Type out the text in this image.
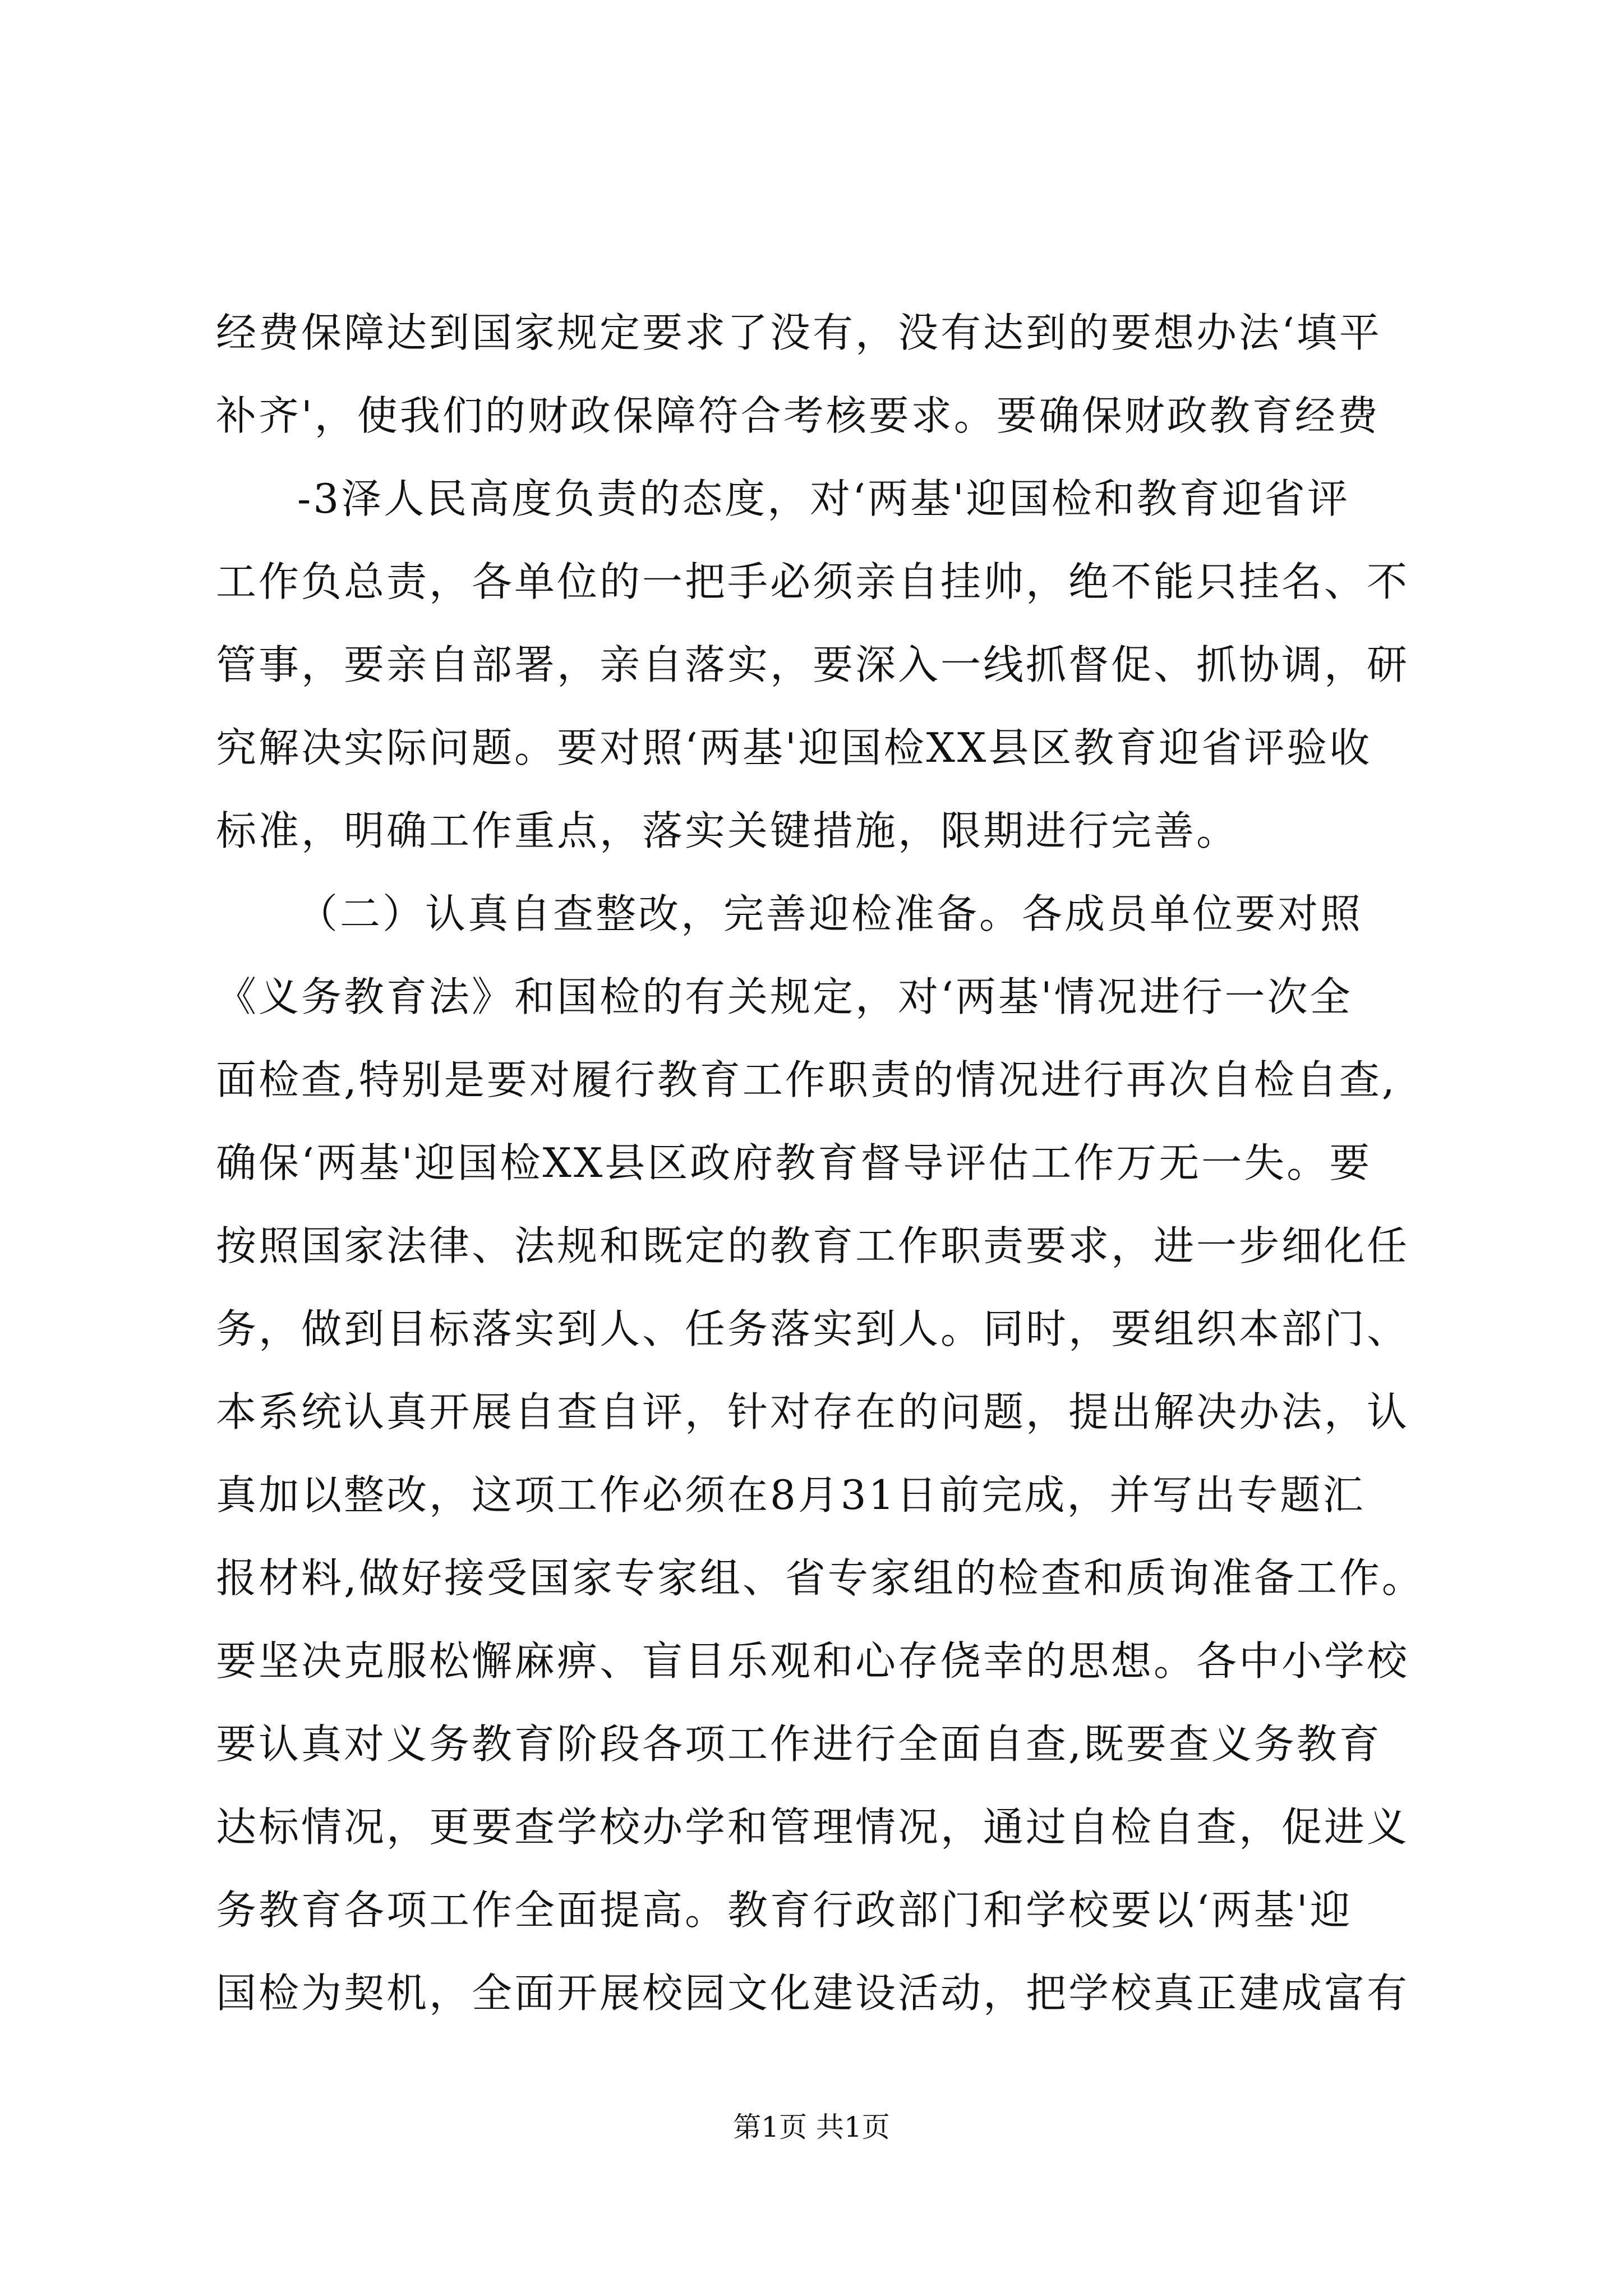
经费保障达到国家规定要求了没有，没有达到的要想办法‘填平
补齐'，使我们的财政保障符合考核要求。要确保财政教育经费
-3泽人民高度负责的态度，对‘两基'迎国检和教育迎省评
工作负总责，各单位的一把手必须亲自挂帅，绝不能只挂名、不
管事，要亲自部署，亲自落实，要深入一线抓督促、抓协调，研
究解决实际问题。要对照‘两基'迎国检XX县区教育迎省评验收
标准，明确工作重点，落实关键措施，限期进行完善。
（二）认真自查整改，完善迎检准备。各成员单位要对照
《义务教育法》和国检的有关规定，对‘两基'情况进行一次全
面检查,特别是要对履行教育工作职责的情况进行再次自检自查,
确保‘两基'迎国检XX县区政府教育督导评估工作万无一失。要
按照国家法律、法规和既定的教育工作职责要求，进一步细化任
务，做到目标落实到人、任务落实到人。同时，要组织本部门、
本系统认真开展自查自评，针对存在的问题，提出解决办法，认
真加以整改，这项工作必须在8月31日前完成，并写出专题汇
报材料,做好接受国家专家组、省专家组的检查和质询准备工作。
要坚决克服松懈麻痹、盲目乐观和心存侥幸的思想。各中小学校
要认真对义务教育阶段各项工作进行全面自查,既要查义务教育
达标情况，更要查学校办学和管理情况，通过自检自查，促进义
务教育各项工作全面提高。教育行政部门和学校要以‘两基'迎
国检为契机，全面开展校园文化建设活动，把学校真正建成富有
第1页 共1页
